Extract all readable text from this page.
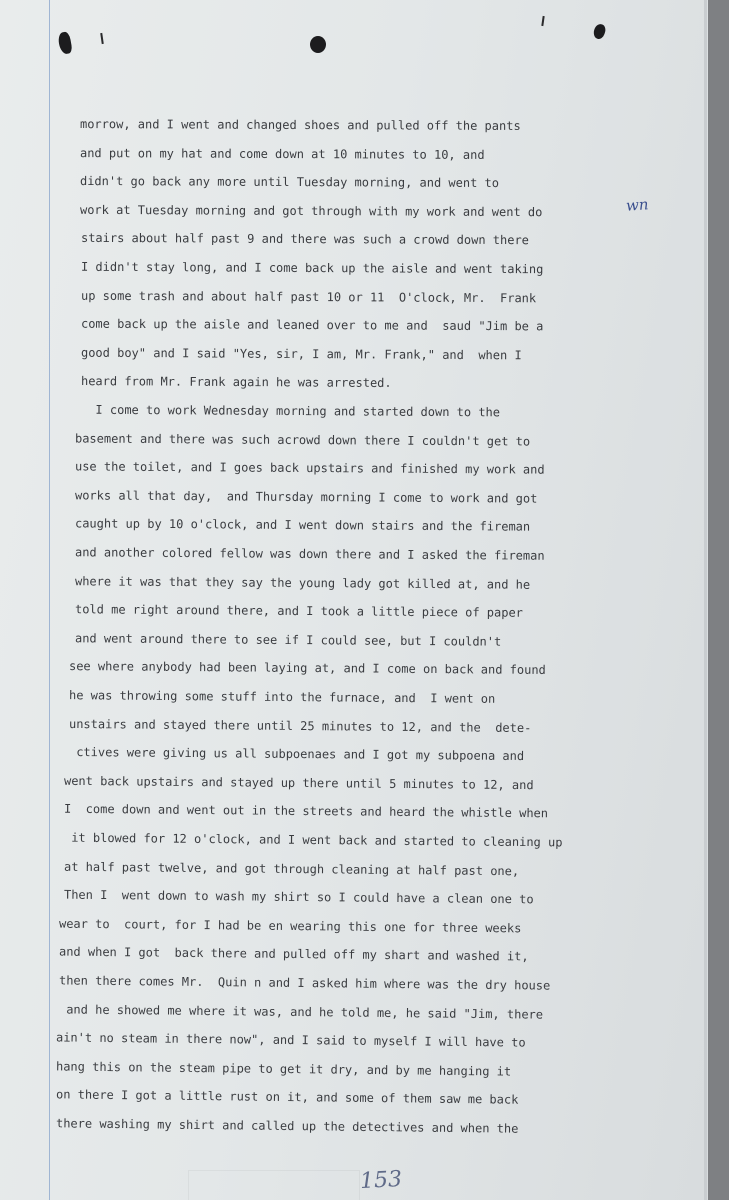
morrow, and I went and changed shoes and pulled off the pants
and put on my hat and come down at 10 minutes to 10, and
didn't go back any more until Tuesday morning, and went to
work at Tuesday morning and got through with my work and went do
stairs about half past 9 and there was such a crowd down there
I didn't stay long, and I come back up the aisle and went taking
up some trash and about half past 10 or 11  O'clock, Mr.  Frank
come back up the aisle and leaned over to me and  saud "Jim be a
good boy" and I said "Yes, sir, I am, Mr. Frank," and  when I
heard from Mr. Frank again he was arrested.
I come to work Wednesday morning and started down to the
basement and there was such acrowd down there I couldn't get to
use the toilet, and I goes back upstairs and finished my work and
works all that day,  and Thursday morning I come to work and got
caught up by 10 o'clock, and I went down stairs and the fireman
and another colored fellow was down there and I asked the fireman
where it was that they say the young lady got killed at, and he
told me right around there, and I took a little piece of paper
and went around there to see if I could see, but I couldn't
see where anybody had been laying at, and I come on back and found
he was throwing some stuff into the furnace, and  I went on
unstairs and stayed there until 25 minutes to 12, and the  dete-
ctives were giving us all subpoenaes and I got my subpoena and
went back upstairs and stayed up there until 5 minutes to 12, and
I  come down and went out in the streets and heard the whistle when
it blowed for 12 o'clock, and I went back and started to cleaning up
at half past twelve, and got through cleaning at half past one,
Then I  went down to wash my shirt so I could have a clean one to
wear to  court, for I had be en wearing this one for three weeks
and when I got  back there and pulled off my shart and washed it,
then there comes Mr.  Quin n and I asked him where was the dry house
and he showed me where it was, and he told me, he said "Jim, there
ain't no steam in there now", and I said to myself I will have to
hang this on the steam pipe to get it dry, and by me hanging it
on there I got a little rust on it, and some of them saw me back
there washing my shirt and called up the detectives and when the
wn
153
